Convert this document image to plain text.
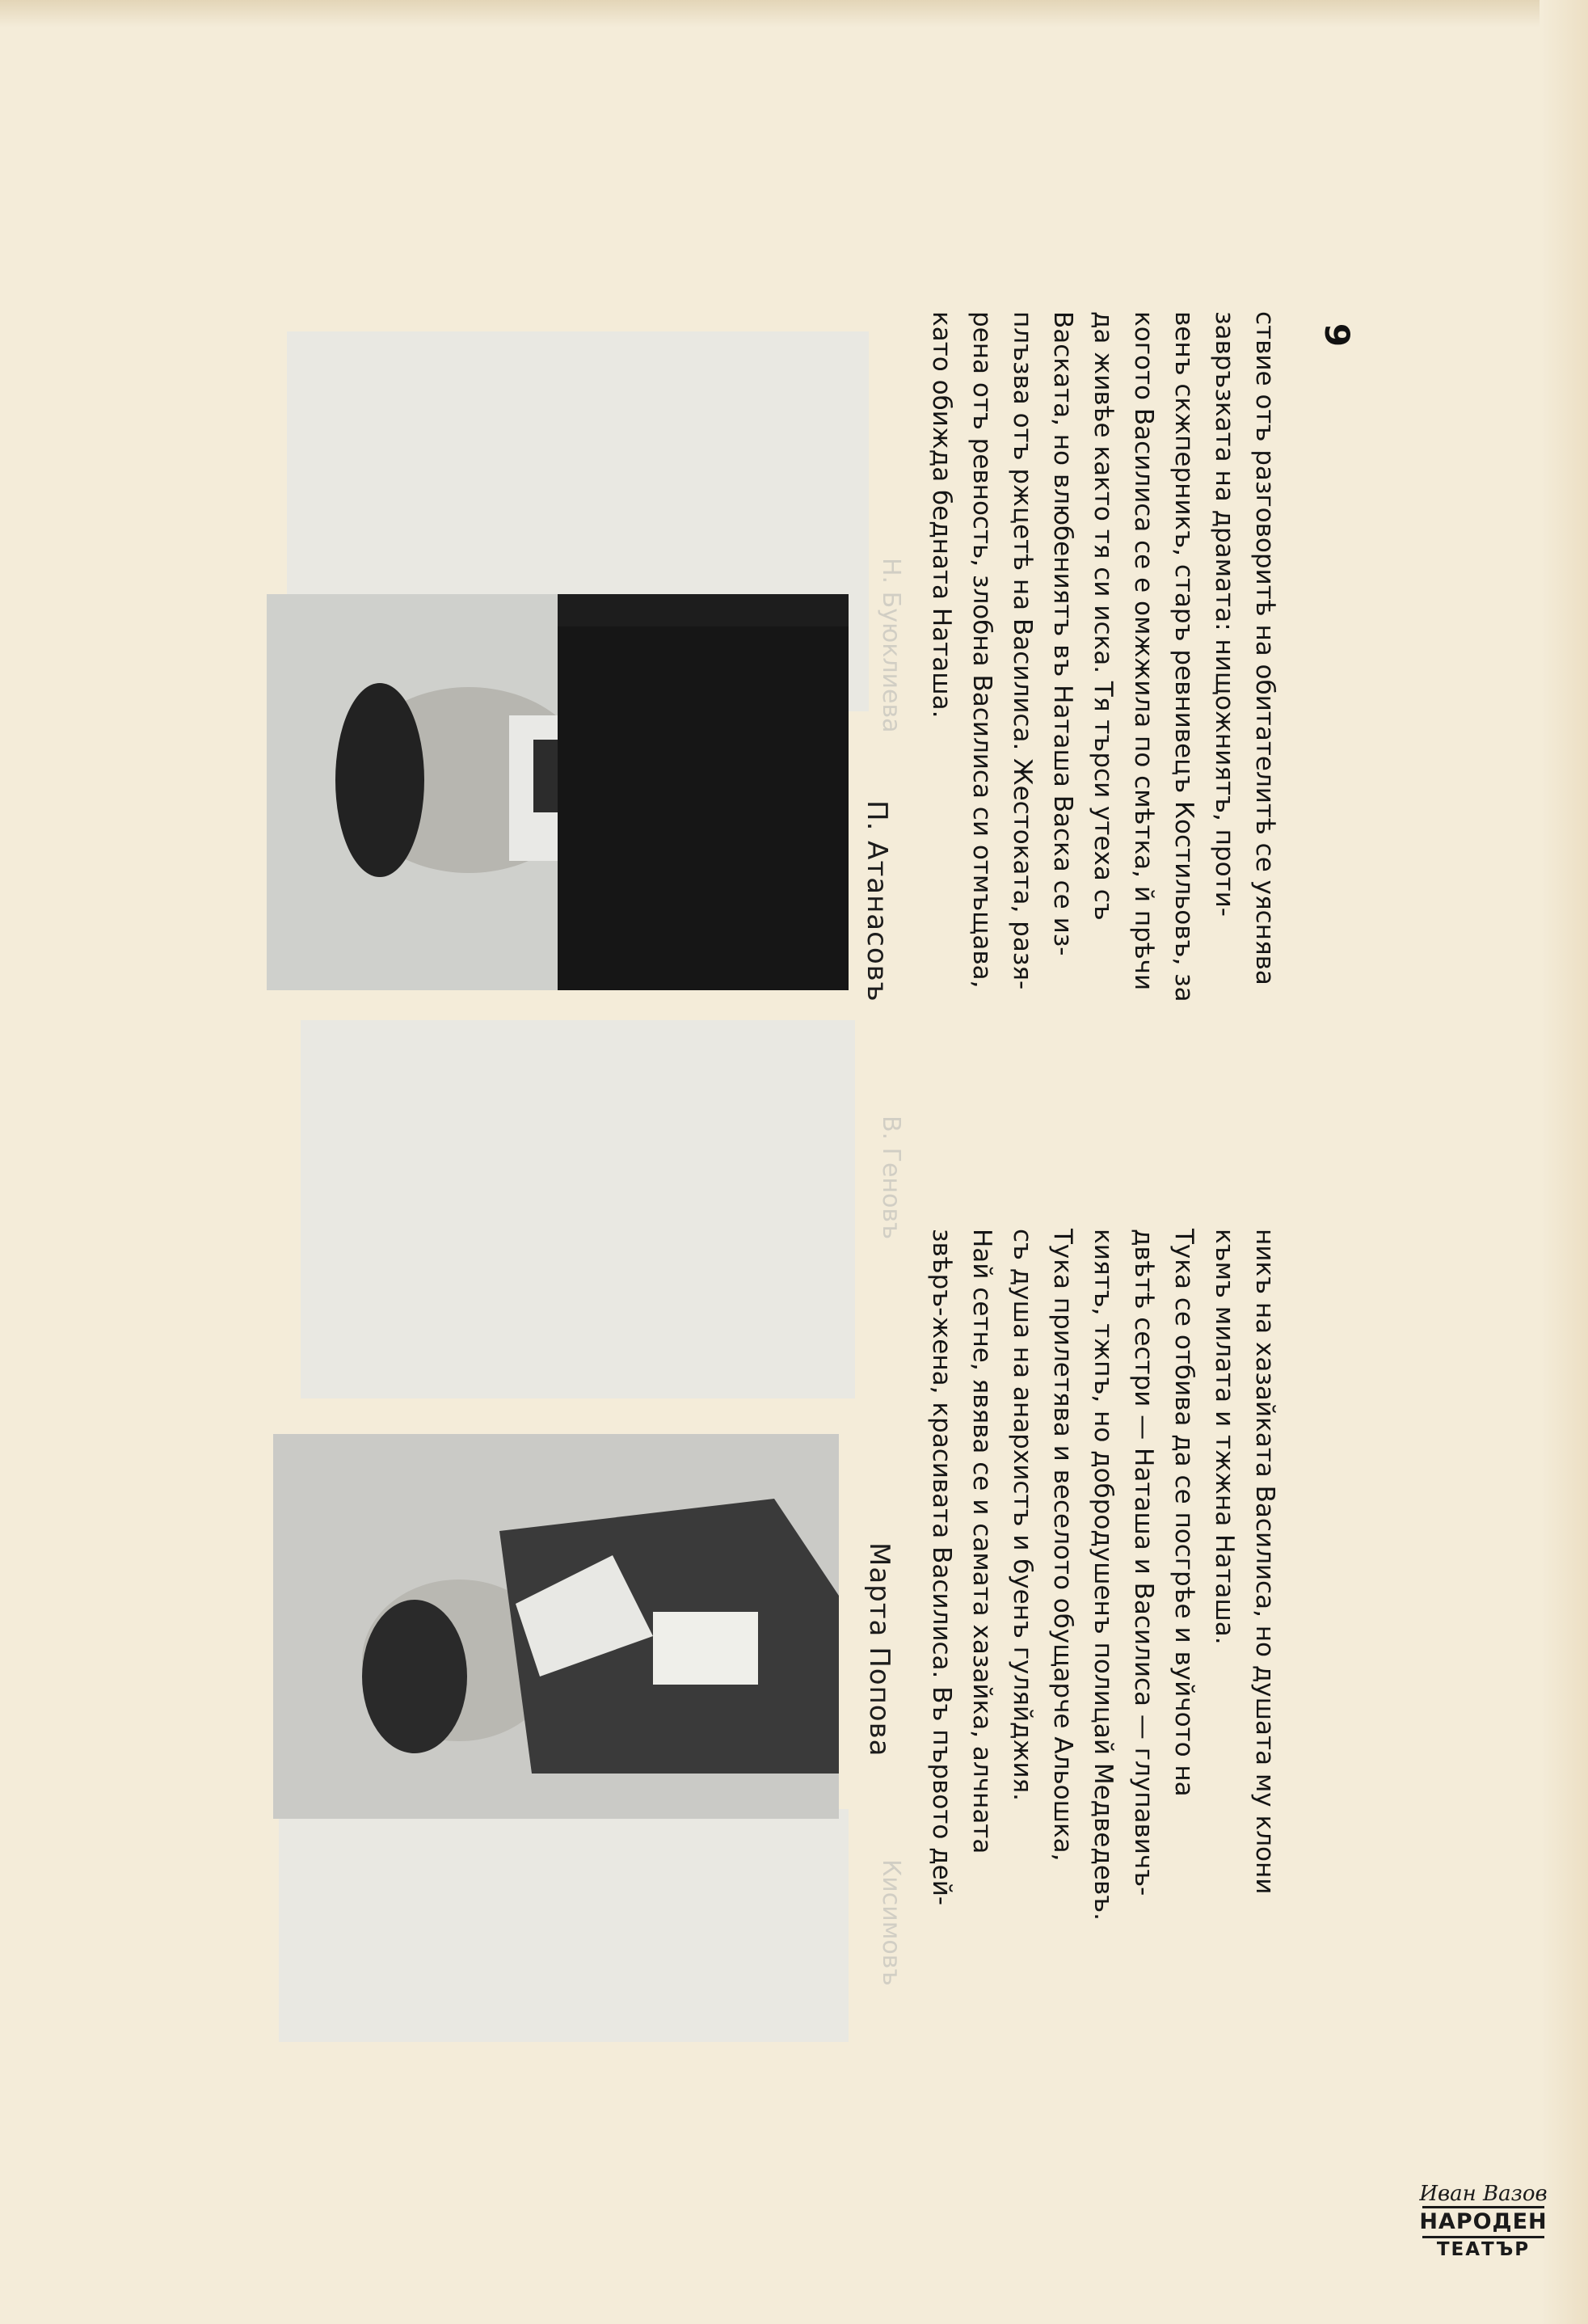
Н. Буюклиева
В. Геновъ
Кисимовъ
П. Атанасовъ
Марта Попова	никъ на хазайката Василиса, но душата му клони

къмъ милата и тжжна Наташа.

Тука се отбива да се посгрѣе и вуйчото на

двѣтѣ сестри — Наташа и Василиса — глупавичъ-

киятъ, тжпъ, но добродушенъ полицай Медведевъ.

Тука прилетява и веселото обущарче Альошка,

съ душа на анархистъ и буенъ гуляйджия.

Най сетне, явява се и самата хазайка, алчната

звѣръ-жена, красивата Василиса. Въ първото дей-

ствие отъ разговоритѣ на обитателитѣ се уяснява

завръзката на драмата: нищожниятъ, проти-

венъ скжперникъ, старъ ревнивецъ Костильовъ, за

когото Василиса се е омжжила по смѣтка, й прѣчи

да живѣе както тя си иска. Тя търси утеха съ

Васката, но влюбениятъ въ Наташа Васка се из-

плъзва отъ ржцетѣ на Василиса. Жестокaта, разя-

рена отъ ревность, злобна Василиса си отмъщава,

като обижда бедната Наташа.	9
Иван Вазов
НАРОДЕН
ТЕАТЪР
